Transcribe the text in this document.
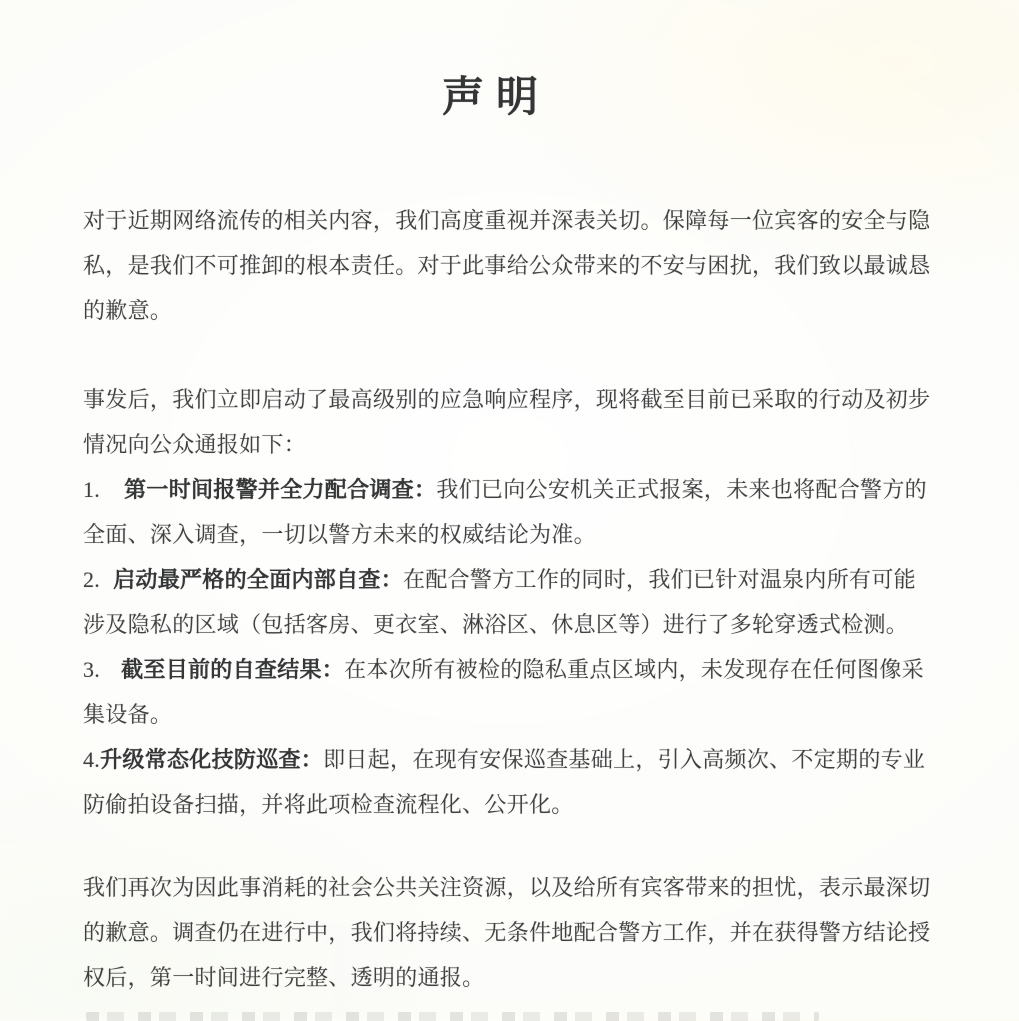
声明
对于近期网络流传的相关内容，我们高度重视并深表关切。保障每一位宾客的安全与隐
私，是我们不可推卸的根本责任。对于此事给公众带来的不安与困扰，我们致以最诚恳
的歉意。
事发后，我们立即启动了最高级别的应急响应程序，现将截至目前已采取的行动及初步
情况向公众通报如下：
1. 第一时间报警并全力配合调查：我们已向公安机关正式报案，未来也将配合警方的
全面、深入调查，一切以警方未来的权威结论为准。
2. 启动最严格的全面内部自查：在配合警方工作的同时，我们已针对温泉内所有可能
涉及隐私的区域（包括客房、更衣室、淋浴区、休息区等）进行了多轮穿透式检测。
3. 截至目前的自查结果：在本次所有被检的隐私重点区域内，未发现存在任何图像采
集设备。
4.升级常态化技防巡查：即日起，在现有安保巡查基础上，引入高频次、不定期的专业
防偷拍设备扫描，并将此项检查流程化、公开化。
我们再次为因此事消耗的社会公共关注资源，以及给所有宾客带来的担忧，表示最深切
的歉意。调查仍在进行中，我们将持续、无条件地配合警方工作，并在获得警方结论授
权后，第一时间进行完整、透明的通报。
